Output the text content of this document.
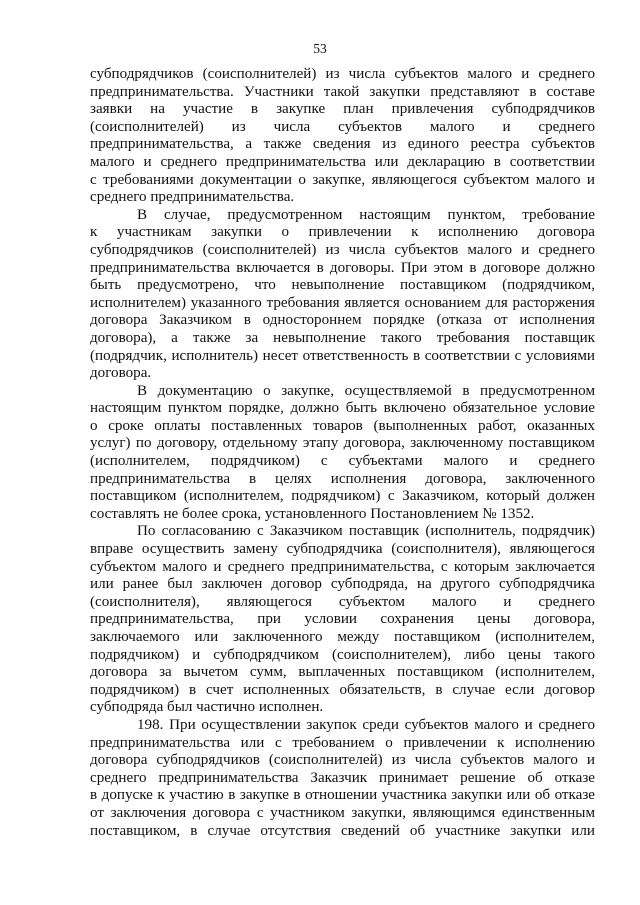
53
субподрядчиков (соисполнителей) из числа субъектов малого и среднего
предпринимательства. Участники такой закупки представляют в составе
заявки на участие в закупке план привлечения субподрядчиков
(соисполнителей) из числа субъектов малого и среднего
предпринимательства, а также сведения из единого реестра субъектов
малого и среднего предпринимательства или декларацию в соответствии
с требованиями документации о закупке, являющегося субъектом малого и
среднего предпринимательства.
В случае, предусмотренном настоящим пунктом, требование
к участникам закупки о привлечении к исполнению договора
субподрядчиков (соисполнителей) из числа субъектов малого и среднего
предпринимательства включается в договоры. При этом в договоре должно
быть предусмотрено, что невыполнение поставщиком (подрядчиком,
исполнителем) указанного требования является основанием для расторжения
договора Заказчиком в одностороннем порядке (отказа от исполнения
договора), а также за невыполнение такого требования поставщик
(подрядчик, исполнитель) несет ответственность в соответствии с условиями
договора.
В документацию о закупке, осуществляемой в предусмотренном
настоящим пунктом порядке, должно быть включено обязательное условие
о сроке оплаты поставленных товаров (выполненных работ, оказанных
услуг) по договору, отдельному этапу договора, заключенному поставщиком
(исполнителем, подрядчиком) с субъектами малого и среднего
предпринимательства в целях исполнения договора, заключенного
поставщиком (исполнителем, подрядчиком) с Заказчиком, который должен
составлять не более срока, установленного Постановлением № 1352.
По согласованию с Заказчиком поставщик (исполнитель, подрядчик)
вправе осуществить замену субподрядчика (соисполнителя), являющегося
субъектом малого и среднего предпринимательства, с которым заключается
или ранее был заключен договор субподряда, на другого субподрядчика
(соисполнителя), являющегося субъектом малого и среднего
предпринимательства, при условии сохранения цены договора,
заключаемого или заключенного между поставщиком (исполнителем,
подрядчиком) и субподрядчиком (соисполнителем), либо цены такого
договора за вычетом сумм, выплаченных поставщиком (исполнителем,
подрядчиком) в счет исполненных обязательств, в случае если договор
субподряда был частично исполнен.
198. При осуществлении закупок среди субъектов малого и среднего
предпринимательства или с требованием о привлечении к исполнению
договора субподрядчиков (соисполнителей) из числа субъектов малого и
среднего предпринимательства Заказчик принимает решение об отказе
в допуске к участию в закупке в отношении участника закупки или об отказе
от заключения договора с участником закупки, являющимся единственным
поставщиком, в случае отсутствия сведений об участнике закупки или
